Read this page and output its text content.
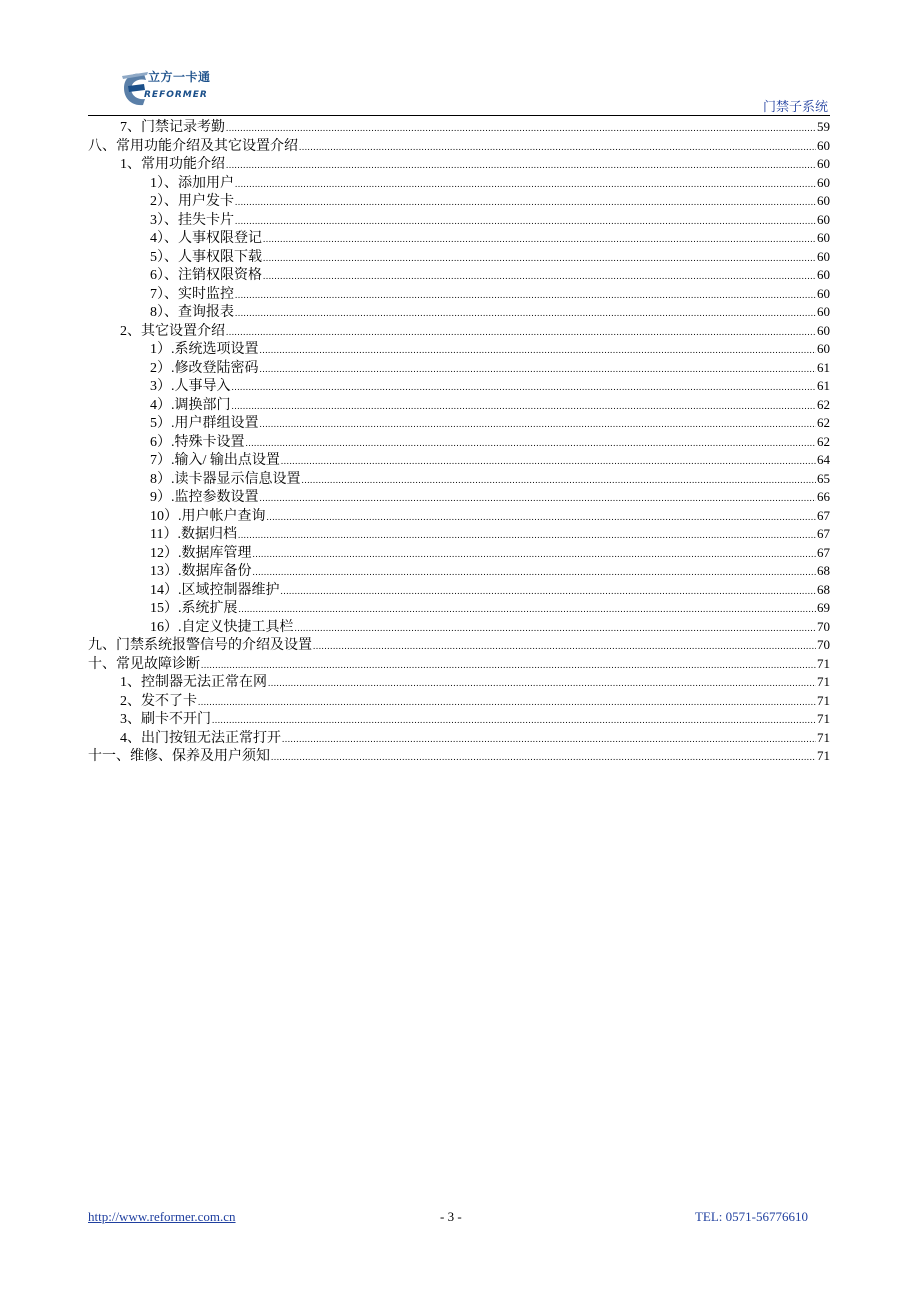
立方一卡通
REFORMER
门禁子系统
7、门禁记录考勤 .....	59
八、常用功能介绍及其它设置介绍 .....	60
1、常用功能介绍 .....	60
1）、添加用户 .....	60
2）、用户发卡 .....	60
3）、挂失卡片 .....	60
4）、人事权限登记 .....	60
5）、人事权限下载 .....	60
6）、注销权限资格 .....	60
7）、实时监控 .....	60
8）、查询报表 .....	60
2、其它设置介绍 .....	60
1）.系统选项设置 .....	60
2）.修改登陆密码 .....	61
3）.人事导入 .....	61
4）.调换部门 .....	62
5）.用户群组设置 .....	62
6）.特殊卡设置 .....	62
7）.输入/ 输出点设置 .....	64
8）.读卡器显示信息设置 .....	65
9）.监控参数设置 .....	66
10）.用户帐户查询 .....	67
11）.数据归档 .....	67
12）.数据库管理 .....	67
13）.数据库备份 .....	68
14）.区域控制器维护 .....	68
15）.系统扩展 .....	69
16）.自定义快捷工具栏 .....	70
九、门禁系统报警信号的介绍及设置 .....	70
十、常见故障诊断 .....	71
1、控制器无法正常在网 .....	71
2、发不了卡 .....	71
3、刷卡不开门 .....	71
4、出门按钮无法正常打开 .....	71
十一、维修、保养及用户须知 .....	71
http://www.reformer.com.cn	- 3 -	TEL: 0571-56776610
